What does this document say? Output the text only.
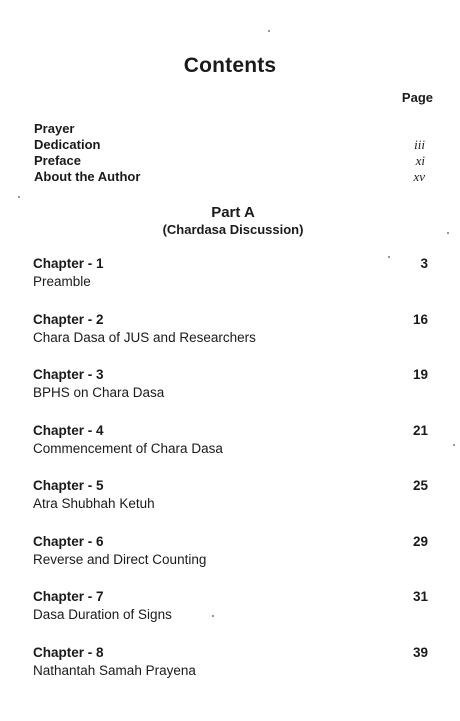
Contents
Page
Prayer
Dedication	iii
Preface	xi
About the Author	xv
Part A
(Chardasa Discussion)
Chapter - 1	3
Preamble
Chapter - 2	16
Chara Dasa of JUS and Researchers
Chapter - 3	19
BPHS on Chara Dasa
Chapter - 4	21
Commencement of Chara Dasa
Chapter - 5	25
Atra Shubhah Ketuh
Chapter - 6	29
Reverse and Direct Counting
Chapter - 7	31
Dasa Duration of Signs
Chapter - 8	39
Nathantah Samah Prayena
